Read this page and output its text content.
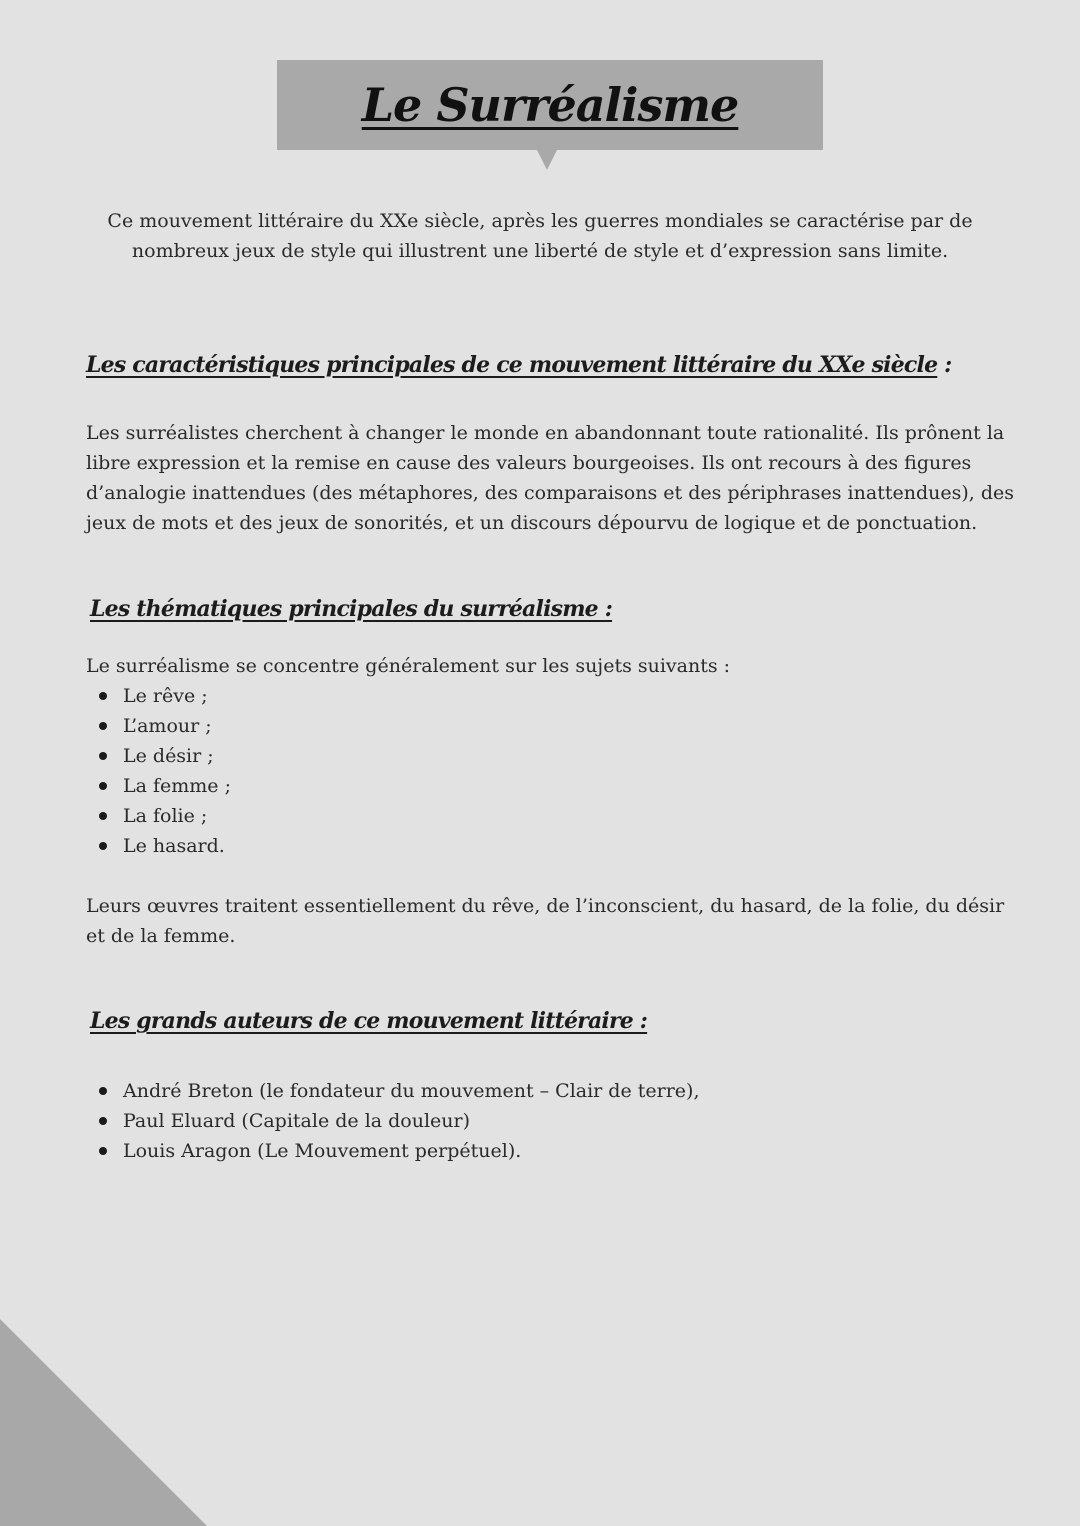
Le Surréalisme

Ce mouvement littéraire du XXe siècle, après les guerres mondiales se caractérise par de nombreux jeux de style qui illustrent une liberté de style et d’expression sans limite.

Les caractéristiques principales de ce mouvement littéraire du XXe siècle :

Les surréalistes cherchent à changer le monde en abandonnant toute rationalité. Ils prônent la libre expression et la remise en cause des valeurs bourgeoises. Ils ont recours à des figures d’analogie inattendues (des métaphores, des comparaisons et des périphrases inattendues), des jeux de mots et des jeux de sonorités, et un discours dépourvu de logique et de ponctuation.

Les thématiques principales du surréalisme :

Le surréalisme se concentre généralement sur les sujets suivants :

Le rêve ;
L’amour ;
Le désir ;
La femme ;
La folie ;
Le hasard.

Leurs œuvres traitent essentiellement du rêve, de l’inconscient, du hasard, de la folie, du désir et de la femme.

Les grands auteurs de ce mouvement littéraire :
André Breton (le fondateur du mouvement – Clair de terre),
Paul Eluard (Capitale de la douleur)
Louis Aragon (Le Mouvement perpétuel).
